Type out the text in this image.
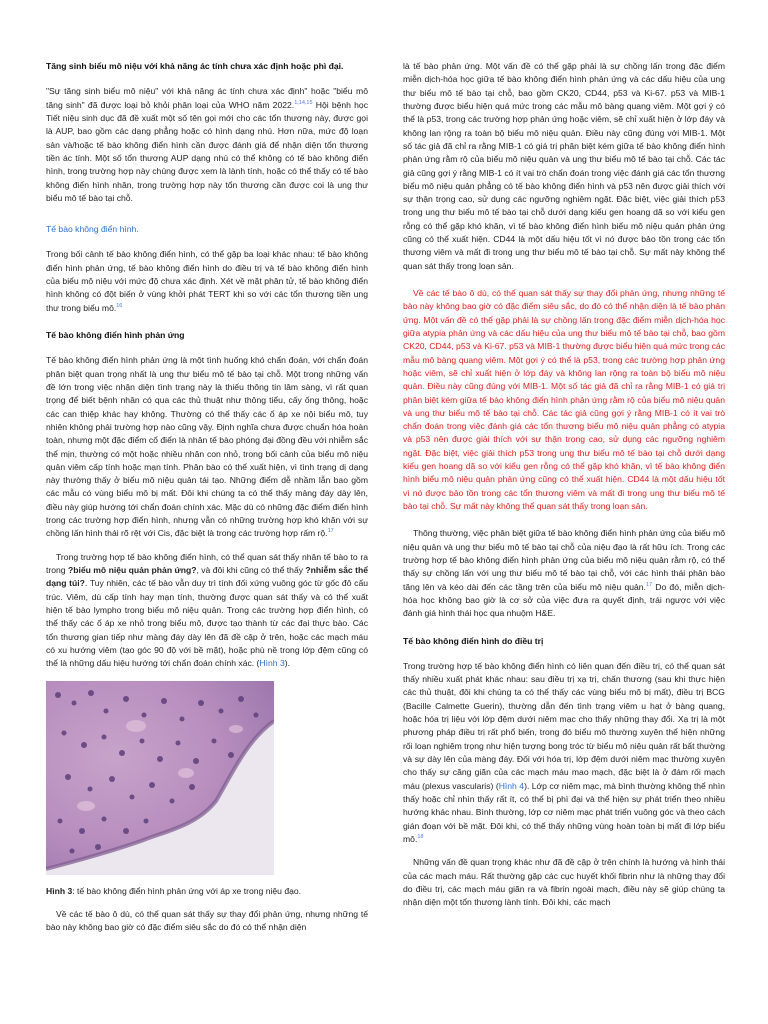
Tăng sinh biểu mô niệu với khả năng ác tính chưa xác định hoặc phì đại.

"Sự tăng sinh biểu mô niệu" với khả năng ác tính chưa xác định" hoặc "biểu mô tăng sinh" đã được loại bỏ khỏi phân loại của WHO năm 2022.$^{1,14,15}$ Hội bệnh học Tiết niệu sinh dục đã đề xuất một số tên gọi mới cho các tổn thương này, được gọi là AUP, bao gồm các dạng phẳng hoặc có hình dạng nhú. Hơn nữa, mức độ loạn sản và/hoặc tế bào không điển hình cần được đánh giá để nhận diện tổn thương tiền ác tính. Một số tổn thương AUP dạng nhú có thể không có tế bào không điển hình, trong trường hợp này chúng được xem là lành tính, hoặc có thể thấy có tế bào không điển hình nhân, trong trường hợp này tổn thương cần được coi là ung thư biểu mô tế bào tại chỗ.

Tế bào không điển hình.

Trong bối cảnh tế bào không điển hình, có thể gặp ba loại khác nhau: tế bào không điển hình phản ứng, tế bào không điển hình do điều trị và tế bào không điển hình của biểu mô niệu với mức độ chưa xác định. Xét về mặt phân tử, tế bào không điển hình không có đột biến ở vùng khởi phát TERT khi so với các tổn thương tiền ung thư trong biểu mô.$^{16}$

Tế bào không điển hình phản ứng

Tế bào không điển hình phản ứng là một tình huống khó chẩn đoán, với chẩn đoán phân biệt quan trọng nhất là ung thư biểu mô tế bào tại chỗ. Một trong những vấn đề lớn trong việc nhận diện tình trạng này là thiếu thông tin lâm sàng, vì rất quan trọng để biết bệnh nhân có qua các thủ thuật như thông tiểu, cấy ống thông, hoặc các can thiệp khác hay không. Thường có thể thấy các ổ áp xe nội biểu mô, tuy nhiên không phải trường hợp nào cũng vậy. Định nghĩa chưa được chuẩn hóa hoàn toàn, nhưng một đặc điểm cổ điển là nhân tế bào phóng đại đồng đều với nhiễm sắc thể mịn, thường có một hoặc nhiều nhân con nhỏ, trong bối cảnh của biểu mô niệu quản viêm cấp tính hoặc mạn tính. Phân bào có thể xuất hiện, vì tình trạng dị dạng này thường thấy ở biểu mô niệu quản tái tạo. Những điểm dễ nhầm lẫn bao gồm các mẫu có vùng biểu mô bị mất. Đôi khi chúng ta có thể thấy mảng đáy dày lên, điều này giúp hướng tới chẩn đoán chính xác. Mặc dù có những đặc điểm điển hình trong các trường hợp điển hình, nhưng vẫn có những trường hợp khó khăn với sự chồng lấn hình thái rõ rệt với Cis, đặc biệt là trong các trường hợp rấm rộ.$^{17}$

Trong trường hợp tế bào không điển hình, có thể quan sát thấy nhân tế bào to ra trong ?biểu mô niệu quản phản ứng?, và đôi khi cũng có thể thấy ?nhiễm sắc thể dạng túi?. Tuy nhiên, các tế bào vẫn duy trì tính đối xứng vuông góc từ gốc đô cấu trúc. Viêm, dù cấp tính hay mạn tính, thường được quan sát thấy và có thể xuất hiện tế bào lympho trong biểu mô niệu quản. Trong các trường hợp điển hình, có thể thấy các ổ áp xe nhỏ trong biểu mô, được tạo thành từ các đại thực bào. Các tổn thương gian tiếp như màng đáy dày lên đã đề cập ở trên, hoặc các mạch máu có xu hướng viêm (tạo góc 90 độ với bề mặt), hoặc phù nề trong lớp đệm cũng có thể là những dấu hiệu hướng tới chẩn đoán chính xác. (Hình 3).

Hình 3: tế bào không điển hình phản ứng với áp xe trong niệu đạo.

Về các tế bào ô dù, có thể quan sát thấy sự thay đổi phản ứng, nhưng những tế bào này không bao giờ có đặc điểm siêu sắc do đó có thể nhận diện

là tế bào phản ứng. Một vấn đề có thể gặp phải là sự chồng lấn trong đặc điểm miễn dịch-hóa học giữa tế bào không điển hình phản ứng và các dấu hiệu của ung thư biểu mô tế bào tại chỗ, bao gồm CK20, CD44, p53 và Ki-67. p53 và MIB-1 thường được biểu hiện quá mức trong các mẫu mô bàng quang viêm. Một gợi ý có thể là p53, trong các trường hợp phản ứng hoặc viêm, sẽ chỉ xuất hiện ở lớp đáy và không lan rộng ra toàn bộ biểu mô niệu quản. Điều này cũng đúng với MIB-1. Một số tác giả đã chỉ ra rằng MIB-1 có giá trị phân biệt kém giữa tế bào không điển hình phản ứng rằm rộ của biểu mô niệu quản và ung thư biểu mô tế bào tại chỗ. Các tác giả cũng gợi ý rằng MIB-1 có ít vai trò chẩn đoán trong việc đánh giá các tổn thương biểu mô niệu quản phẳng có tế bào không điển hình và p53 nên được giải thích với sự thận trọng cao, sử dụng các ngưỡng nghiêm ngặt. Đặc biệt, việc giải thích p53 trong ung thư biểu mô tế bào tại chỗ dưới dạng kiểu gen hoang dã so với kiểu gen rỗng có thể gặp khó khăn, vì tế bào không điển hình biểu mô niệu quản phản ứng cũng có thể xuất hiện. CD44 là một dấu hiệu tốt vì nó được bảo tồn trong các tổn thương viêm và mất đi trong ung thư biểu mô tế bào tại chỗ. Sự mất này không thể quan sát thấy trong loạn sản.

Về các tế bào ô dù, có thể quan sát thấy sự thay đổi phản ứng, nhưng những tế bào này không bao giờ có đặc điểm siêu sắc, do đó có thể nhận diện là tế bào phản ứng. Một vấn đề có thể gặp phải là sự chồng lấn trong đặc điểm miễn dịch-hóa học giữa atypia phản ứng và các dấu hiệu của ung thư biểu mô tế bào tại chỗ, bao gồm CK20, CD44, p53 và Ki-67. p53 và MIB-1 thường được biểu hiện quá mức trong các mẫu mô bàng quang viêm. Một gợi ý có thể là p53, trong các trường hợp phản ứng hoặc viêm, sẽ chỉ xuất hiện ở lớp đáy và không lan rộng ra toàn bộ biểu mô niệu quản. Điều này cũng đúng với MIB-1. Một số tác giả đã chỉ ra rằng MIB-1 có giá trị phân biệt kém giữa tế bào không điển hình phản ứng rằm rộ của biểu mô niệu quản và ung thư biểu mô tế bào tại chỗ. Các tác giả cũng gợi ý rằng MIB-1 có ít vai trò chẩn đoán trong việc đánh giá các tổn thương biểu mô niệu quản phẳng có atypia và p53 nên được giải thích với sự thận trọng cao, sử dụng các ngưỡng nghiêm ngặt. Đặc biệt, việc giải thích p53 trong ung thư biểu mô tế bào tại chỗ dưới dạng kiểu gen hoang dã so với kiểu gen rỗng có thể gặp khó khăn, vì tế bào không điển hình biểu mô niệu quản phản ứng cũng có thể xuất hiện. CD44 là một dấu hiệu tốt vì nó được bảo tồn trong các tổn thương viêm và mất đi trong ung thư biểu mô tế bào tại chỗ. Sự mất này không thể quan sát thấy trong loạn sản.

Thông thường, việc phân biệt giữa tế bào không điển hình phản ứng của biểu mô niệu quản và ung thư biểu mô tế bào tại chỗ của niệu đạo là rất hữu ích. Trong các trường hợp tế bào không điển hình phản ứng của biểu mô niệu quản rằm rộ, có thể thấy sự chồng lấn với ung thư biểu mô tế bào tại chỗ, với các hình thái phân bào tăng lên và kéo dài đến các tầng trên của biểu mô niệu quản.$^{17}$ Do đó, miễn dịch-hóa học không bao giờ là cơ sở của việc đưa ra quyết định, trái ngược với việc đánh giá hình thái học qua nhuộm H&E.

Tế bào không điển hình do điều trị

Trong trường hợp tế bào không điển hình có liên quan đến điều trị, có thể quan sát thấy nhiều xuất phát khác nhau: sau điều trị xạ trị, chấn thương (sau khi thực hiện các thủ thuật, đôi khi chúng ta có thể thấy các vùng biểu mô bị mất), điều trị BCG (Bacille Calmette Guerin), thường dẫn đến tình trạng viêm u hạt ở bàng quang, hoặc hóa trị liệu với lớp đệm dưới niêm mạc cho thấy những thay đổi. Xạ trị là một phương pháp điều trị rất phổ biến, trong đó biểu mô thường xuyên thể hiện những rối loạn nghiêm trọng như hiện tượng bong tróc từ biểu mô niệu quản rất bất thường và sự dày lên của màng đáy. Đối với hóa trị, lớp đệm dưới niêm mạc thường xuyên cho thấy sự căng giãn của các mạch máu mao mạch, đặc biệt là ở đám rối mạch máu (plexus vascularis) (Hình 4). Lớp cơ niêm mạc, mà bình thường không thể nhìn thấy hoặc chỉ nhìn thấy rất ít, có thể bị phì đại và thể hiện sự phát triển theo nhiều hướng khác nhau. Bình thường, lớp cơ niêm mạc phát triển vuông góc và theo cách gián đoạn với bề mặt. Đôi khi, có thể thấy những vùng hoàn toàn bị mất đi lớp biểu mô.$^{18}$

Những vấn đề quan trọng khác như đã đề cập ở trên chính là hướng và hình thái của các mạch máu. Rất thường gặp các cục huyết khối fibrin như là những thay đổi do điều trị, các mạch máu giãn ra và fibrin ngoài mạch, điều này sẽ giúp chúng ta nhận diện một tổn thương lành tính. Đôi khi, các mạch
